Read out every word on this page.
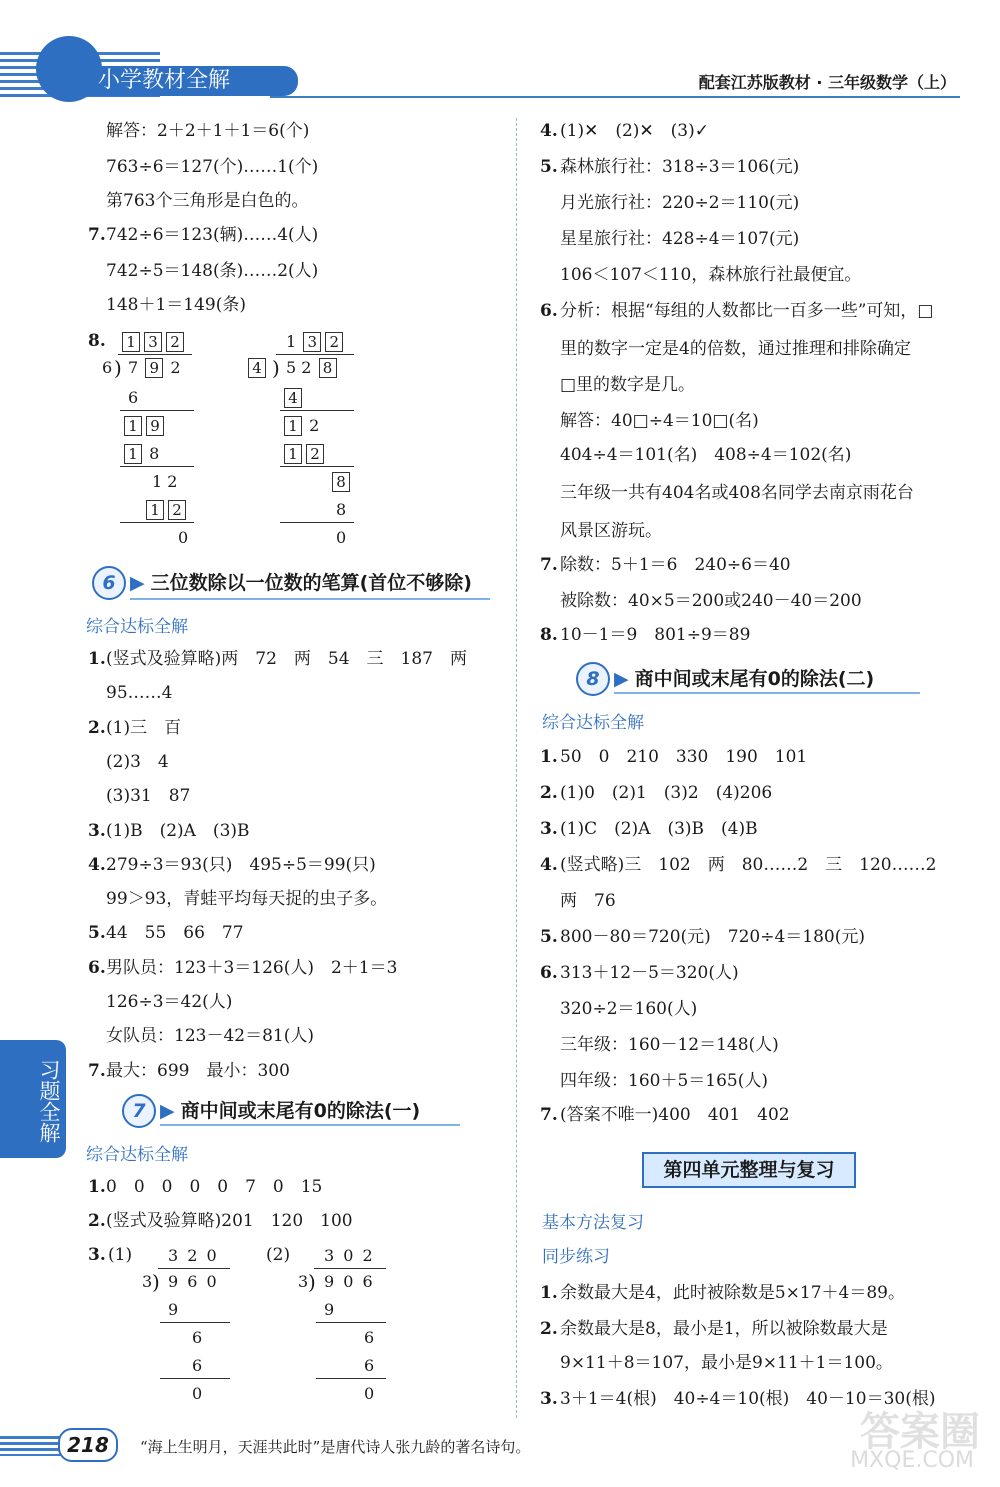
小学教材全解	配套江苏版教材 · 三年级数学（上）
解答：2＋2＋1＋1＝6(个)
763÷6＝127(个)……1(个)
第763个三角形是白色的。
742÷6＝123(辆)……4(人)
742÷5＝148(条)……2(人)
148＋1＝149(条)
7.
8.	1 3 2
6 ) 7 9 2
6
1 9
1 8
1 2
1 2
0
1 3 2
4 ) 5 2 8
4
1 2
1 2
8
8
0
6 ▶ 三位数除以一位数的笔算(首位不够除)
综合达标全解
1. (竖式及验算略)两　72　两　54　三　187　两
95……4
2. (1)三　百
(2)3　4
(3)31　87
3. (1)B　(2)A　(3)B
4. 279÷3＝93(只)　495÷5＝99(只)
99＞93，青蛙平均每天捉的虫子多。
5. 44　55　66　77
6. 男队员：123＋3＝126(人)　2＋1＝3
126÷3＝42(人)
女队员：123－42＝81(人)
7. 最大：699　最小：300
7 ▶ 商中间或末尾有0的除法(一)
综合达标全解
1. 0　0　0　0　0　7　0　15
2. (竖式及验算略)201　120　100
3. (1) 3 2 0
3 ) 9 6 0
9
6
6
0
(2) 3 0 2
3 ) 9 0 6
9
6
6
0
4. (1)✕　(2)✕　(3)✓
5. 森林旅行社：318÷3＝106(元)
月光旅行社：220÷2＝110(元)
星星旅行社：428÷4＝107(元)
106＜107＜110，森林旅行社最便宜。
6. 分析：根据“每组的人数都比一百多一些”可知，□
里的数字一定是4的倍数，通过推理和排除确定
□里的数字是几。
解答：40□÷4＝10□(名)
404÷4＝101(名)　408÷4＝102(名)
三年级一共有404名或408名同学去南京雨花台
风景区游玩。
7. 除数：5＋1＝6　240÷6＝40
被除数：40×5＝200或240－40＝200
8. 10－1＝9　801÷9＝89
8 ▶ 商中间或末尾有0的除法(二)
综合达标全解
1. 50　0　210　330　190　101
2. (1)0　(2)1　(3)2　(4)206
3. (1)C　(2)A　(3)B　(4)B
4. (竖式略)三　102　两　80……2　三　120……2
两　76
5. 800－80＝720(元)　720÷4＝180(元)
6. 313＋12－5＝320(人)
320÷2＝160(人)
三年级：160－12＝148(人)
四年级：160＋5＝165(人)
7. (答案不唯一)400　401　402
第四单元整理与复习
基本方法复习
同步练习
1. 余数最大是4，此时被除数是5×17＋4＝89。
2. 余数最大是8，最小是1，所以被除数最大是
9×11＋8＝107，最小是9×11＋1＝100。
3. 3＋1＝4(根)　40÷4＝10(根)　40－10＝30(根)
习题全解
218	“海上生明月，天涯共此时”是唐代诗人张九龄的著名诗句。	答案圈
MXQE.COM
